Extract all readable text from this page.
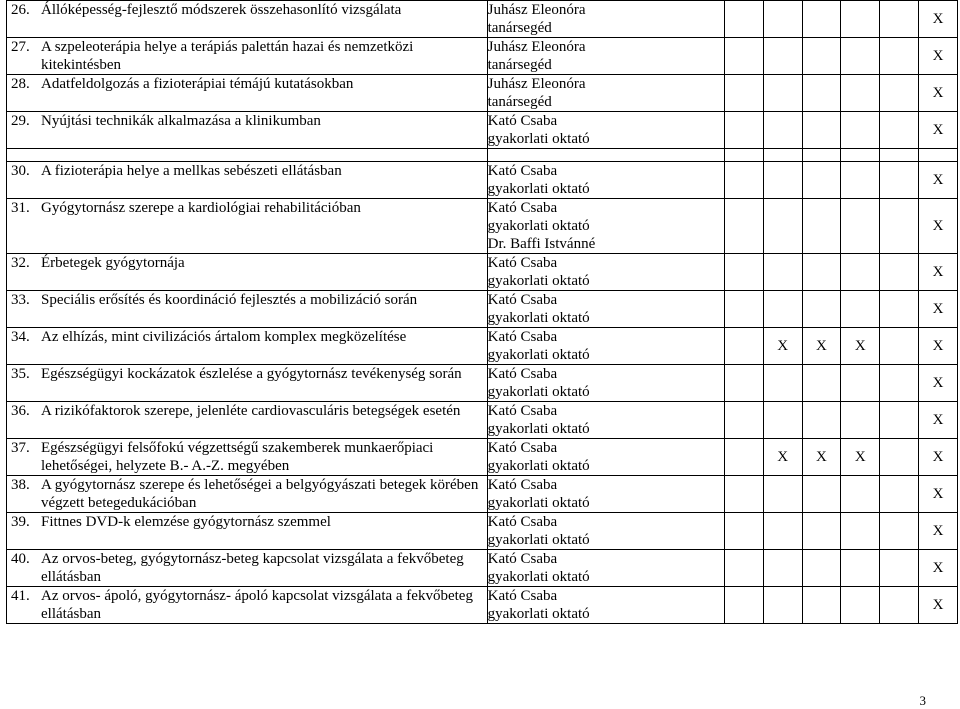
26. Állóképesség-fejlesztő módszerek összehasonlító vizsgálata	Juhász Eleonóra
tanársegéd						X

27. A szpeleoterápia helye a terápiás palettán hazai és nemzetközi kitekintésben	Juhász Eleonóra
tanársegéd						X

28. Adatfeldolgozás a fizioterápiai témájú kutatásokban	Juhász Eleonóra
tanársegéd						X

29. Nyújtási technikák alkalmazása a klinikumban	Kató Csaba
gyakorlati oktató						X

30. A fizioterápia helye a mellkas sebészeti ellátásban	Kató Csaba
gyakorlati oktató						X

31. Gyógytornász szerepe a kardiológiai rehabilitációban	Kató Csaba
gyakorlati oktató
Dr. Baffi Istvánné						X

32. Érbetegek gyógytornája	Kató Csaba
gyakorlati oktató						X

33. Speciális erősítés és koordináció fejlesztés a mobilizáció során	Kató Csaba
gyakorlati oktató						X

34. Az elhízás, mint civilizációs ártalom komplex megközelítése	Kató Csaba
gyakorlati oktató		X	X	X		X

35. Egészségügyi kockázatok észlelése a gyógytornász tevékenység során	Kató Csaba
gyakorlati oktató						X

36. A rizikófaktorok szerepe, jelenléte cardiovasculáris betegségek esetén	Kató Csaba
gyakorlati oktató						X

37. Egészségügyi felsőfokú végzettségű szakemberek munkaerőpiaci lehetőségei, helyzete B.- A.-Z. megyében	Kató Csaba
gyakorlati oktató		X	X	X		X

38. A gyógytornász szerepe és lehetőségei a belgyógyászati betegek körében végzett betegedukációban	Kató Csaba
gyakorlati oktató						X

39. Fittnes DVD-k elemzése gyógytornász szemmel	Kató Csaba
gyakorlati oktató						X

40. Az orvos-beteg, gyógytornász-beteg kapcsolat vizsgálata a fekvőbeteg ellátásban	Kató Csaba
gyakorlati oktató						X

41. Az orvos- ápoló, gyógytornász- ápoló kapcsolat vizsgálata a fekvőbeteg ellátásban	Kató Csaba
gyakorlati oktató						X
3
